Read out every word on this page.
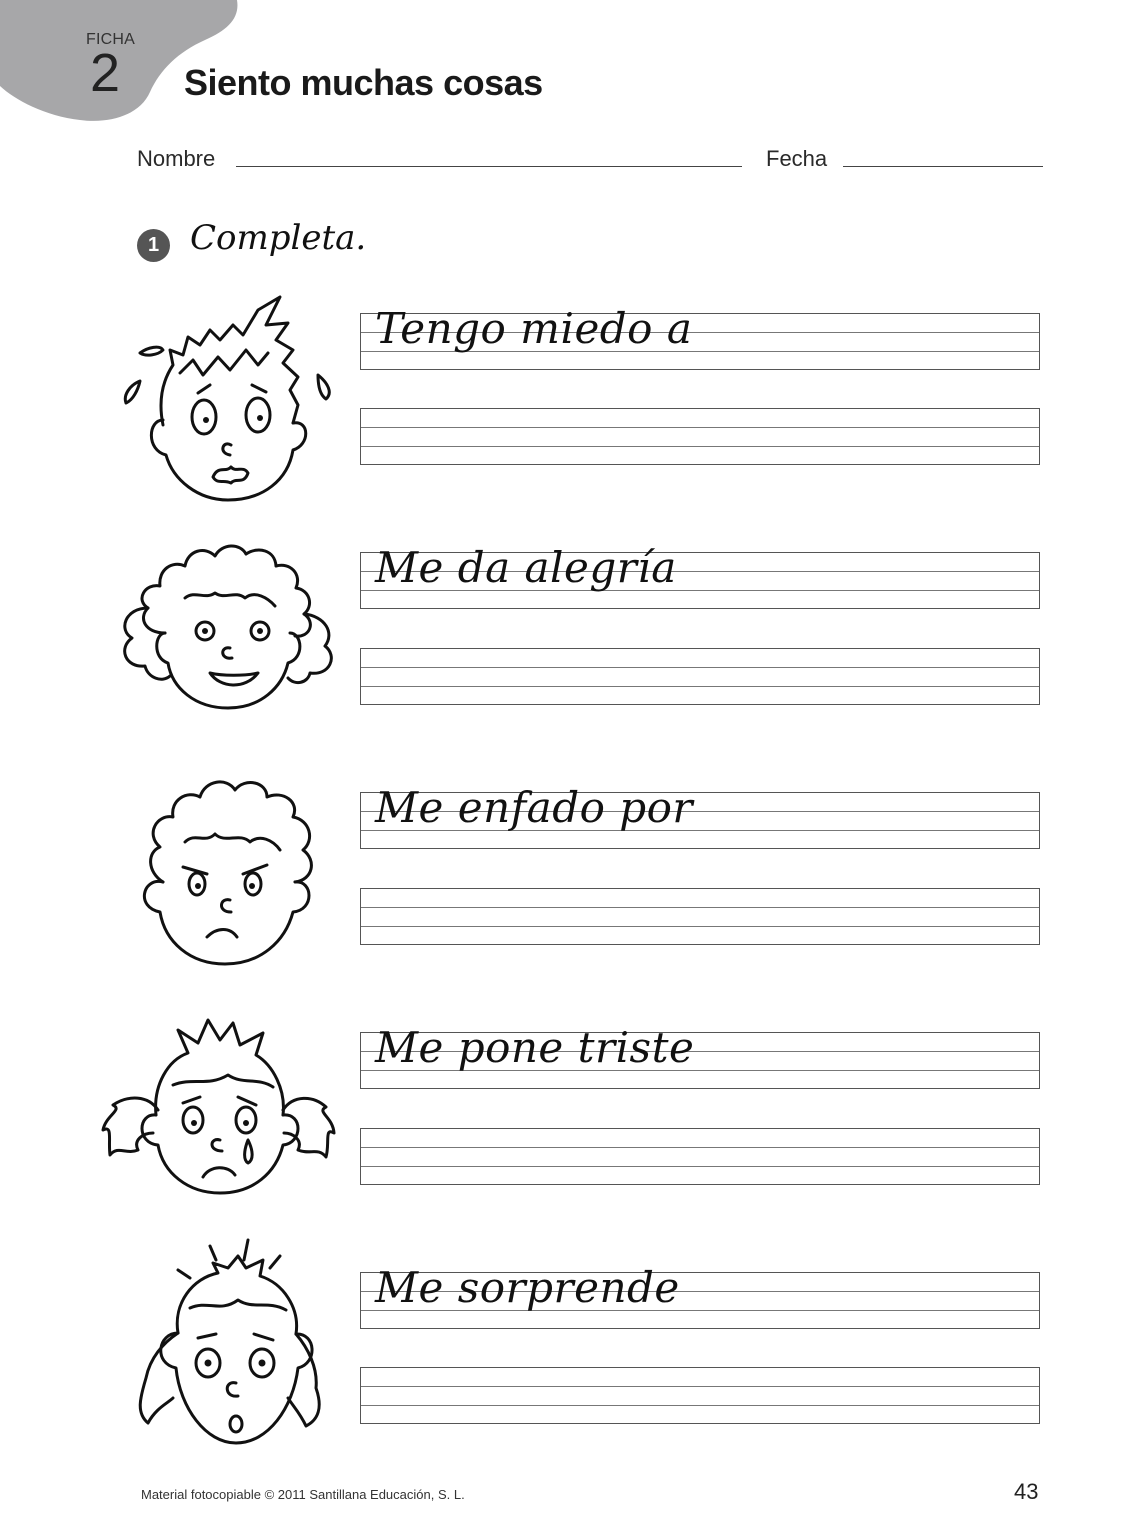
FICHA
2 Siento muchas cosas
Nombre	Fecha
1 Completa.
Tengo miedo a
Me da alegría
Me enfado por
Me pone triste
Me sorprende
Material fotocopiable © 2011 Santillana Educación, S. L.	43
